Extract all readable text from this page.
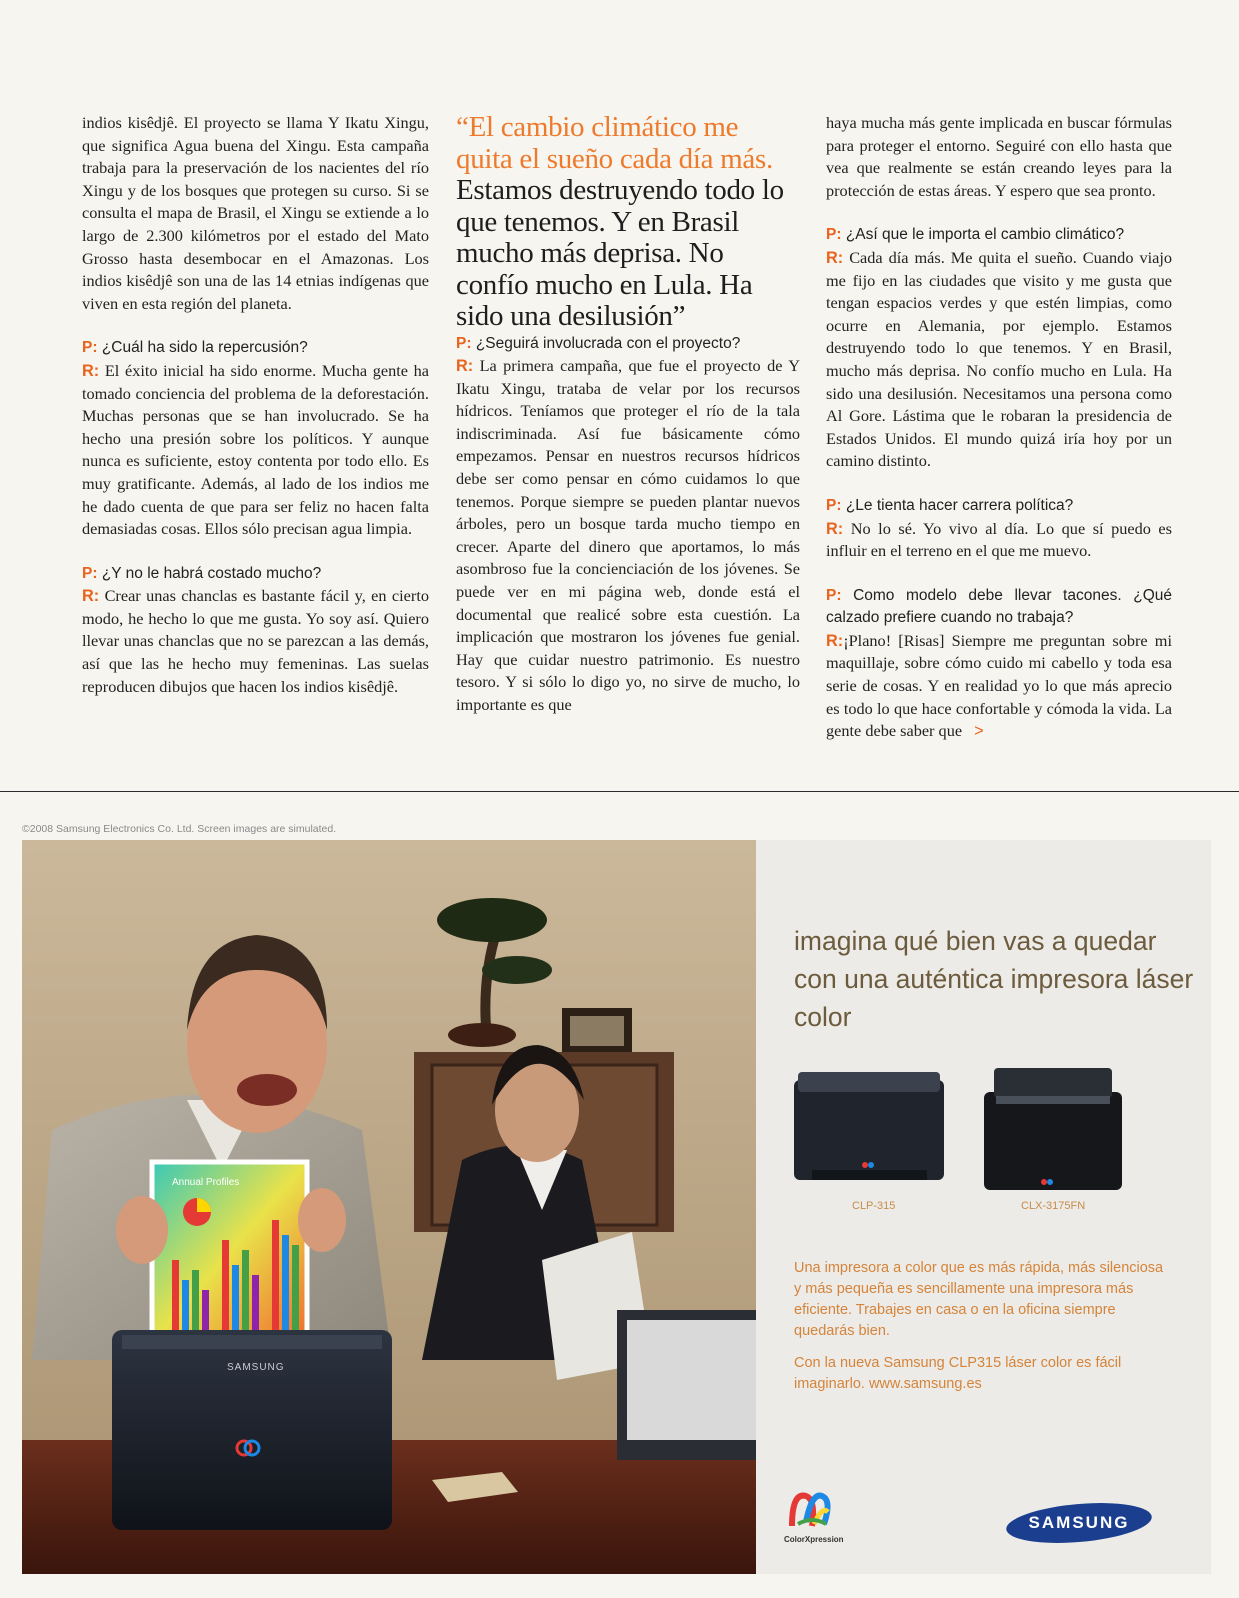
indios kisêdjê. El proyecto se llama Y Ikatu Xingu, que significa Agua buena del Xingu. Esta campaña trabaja para la preservación de los nacientes del río Xingu y de los bosques que protegen su curso. Si se consulta el mapa de Brasil, el Xingu se extiende a lo largo de 2.300 kilómetros por el estado del Mato Grosso hasta desembocar en el Amazonas. Los indios kisêdjê son una de las 14 etnias indígenas que viven en esta región del planeta.

P: ¿Cuál ha sido la repercusión?

R: El éxito inicial ha sido enorme. Mucha gente ha tomado conciencia del problema de la deforestación. Muchas personas que se han involucrado. Se ha hecho una presión sobre los políticos. Y aunque nunca es suficiente, estoy contenta por todo ello. Es muy gratificante. Además, al lado de los indios me he dado cuenta de que para ser feliz no hacen falta demasiadas cosas. Ellos sólo precisan agua limpia.

P: ¿Y no le habrá costado mucho?

R: Crear unas chanclas es bastante fácil y, en cierto modo, he hecho lo que me gusta. Yo soy así. Quiero llevar unas chanclas que no se parezcan a las demás, así que las he hecho muy femeninas. Las suelas reproducen dibujos que hacen los indios kisêdjê.

“El cambio climático me quita el sueño cada día más. Estamos destruyendo todo lo que tenemos. Y en Brasil mucho más deprisa. No confío mucho en Lula. Ha sido una desilusión”

P: ¿Seguirá involucrada con el proyecto?

R: La primera campaña, que fue el proyecto de Y Ikatu Xingu, trataba de velar por los recursos hídricos. Teníamos que proteger el río de la tala indiscriminada. Así fue básicamente cómo empezamos. Pensar en nuestros recursos hídricos debe ser como pensar en cómo cuidamos lo que tenemos. Porque siempre se pueden plantar nuevos árboles, pero un bosque tarda mucho tiempo en crecer. Aparte del dinero que aportamos, lo más asombroso fue la concienciación de los jóvenes. Se puede ver en mi página web, donde está el documental que realicé sobre esta cuestión. La implicación que mostraron los jóvenes fue genial. Hay que cuidar nuestro patrimonio. Es nuestro tesoro. Y si sólo lo digo yo, no sirve de mucho, lo importante es que

haya mucha más gente implicada en buscar fórmulas para proteger el entorno. Seguiré con ello hasta que vea que realmente se están creando leyes para la protección de estas áreas. Y espero que sea pronto.

P: ¿Así que le importa el cambio climático?

R: Cada día más. Me quita el sueño. Cuando viajo me fijo en las ciudades que visito y me gusta que tengan espacios verdes y que estén limpias, como ocurre en Alemania, por ejemplo. Estamos destruyendo todo lo que tenemos. Y en Brasil, mucho más deprisa. No confío mucho en Lula. Ha sido una desilusión. Necesitamos una persona como Al Gore. Lástima que le robaran la presidencia de Estados Unidos. El mundo quizá iría hoy por un camino distinto.

P: ¿Le tienta hacer carrera política?

R: No lo sé. Yo vivo al día. Lo que sí puedo es influir en el terreno en el que me muevo.

P: Como modelo debe llevar tacones. ¿Qué calzado prefiere cuando no trabaja?

R:¡Plano! [Risas] Siempre me preguntan sobre mi maquillaje, sobre cómo cuido mi cabello y toda esa serie de cosas. Y en realidad yo lo que más aprecio es todo lo que hace confortable y cómoda la vida. La gente debe saber que >

©2008 Samsung Electronics Co. Ltd. Screen images are simulated.
Annual Profiles
SAMSUNG
imagina qué bien vas a quedar con una auténtica impresora láser color
CLP-315	CLX-3175FN

Una impresora a color que es más rápida, más silenciosa y más pequeña es sencillamente una impresora más eficiente. Trabajes en casa o en la oficina siempre quedarás bien.

Con la nueva Samsung CLP315 láser color es fácil imaginarlo. www.samsung.es

ColorXpression
SAMSUNG
